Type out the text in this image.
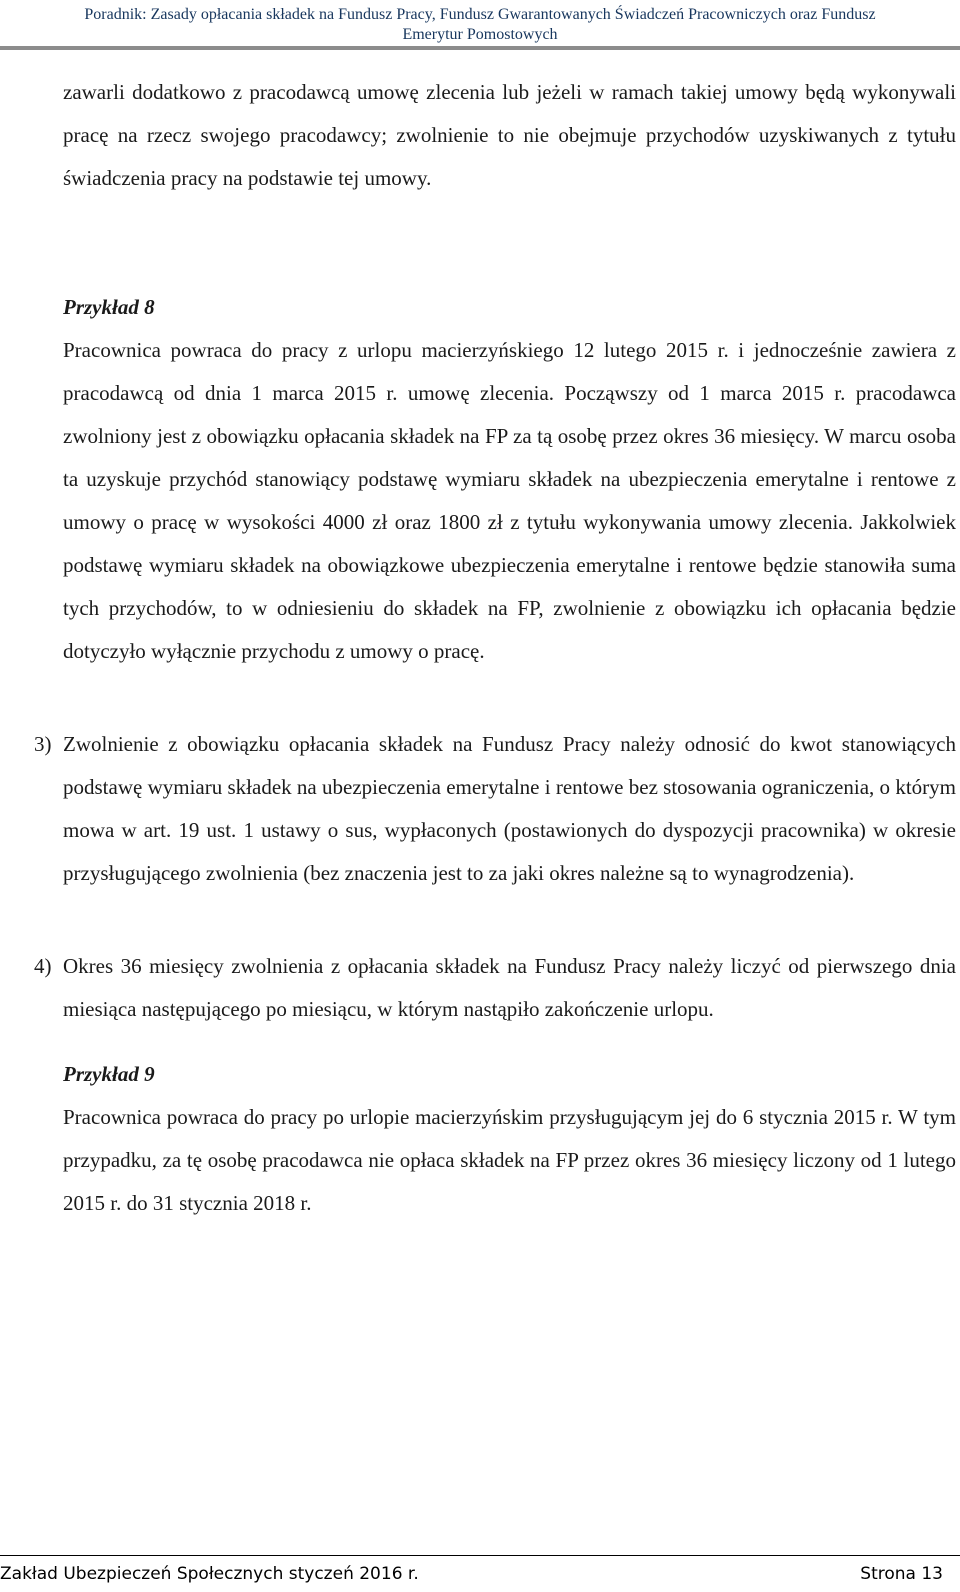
Poradnik: Zasady opłacania składek na Fundusz Pracy, Fundusz Gwarantowanych Świadczeń Pracowniczych oraz Fundusz
Emerytur Pomostowych

zawarli dodatkowo z pracodawcą umowę zlecenia lub jeżeli w ramach takiej umowy będą wykonywali pracę na rzecz swojego pracodawcy; zwolnienie to nie obejmuje przychodów uzyskiwanych z tytułu świadczenia pracy na podstawie tej umowy.

Przykład 8

Pracownica powraca do pracy z urlopu macierzyńskiego 12 lutego 2015 r. i jednocześnie zawiera z pracodawcą od dnia 1 marca 2015 r. umowę zlecenia. Począwszy od 1 marca 2015 r. pracodawca zwolniony jest z obowiązku opłacania składek na FP za tą osobę przez okres 36 miesięcy. W marcu osoba ta uzyskuje przychód stanowiący podstawę wymiaru składek na ubezpieczenia emerytalne i rentowe z umowy o pracę w wysokości 4000 zł oraz 1800 zł z tytułu wykonywania umowy zlecenia. Jakkolwiek podstawę wymiaru składek na obowiązkowe ubezpieczenia emerytalne i rentowe będzie stanowiła suma tych przychodów, to w odniesieniu do składek na FP, zwolnienie z obowiązku ich opłacania będzie dotyczyło wyłącznie przychodu z umowy o pracę.

3) Zwolnienie z obowiązku opłacania składek na Fundusz Pracy należy odnosić do kwot stanowiących podstawę wymiaru składek na ubezpieczenia emerytalne i rentowe bez stosowania ograniczenia, o którym mowa w art. 19 ust. 1 ustawy o sus, wypłaconych (postawionych do dyspozycji pracownika) w okresie przysługującego zwolnienia (bez znaczenia jest to za jaki okres należne są to wynagrodzenia).

4) Okres 36 miesięcy zwolnienia z opłacania składek na Fundusz Pracy należy liczyć od pierwszego dnia miesiąca następującego po miesiącu, w którym nastąpiło zakończenie urlopu.

Przykład 9

Pracownica powraca do pracy po urlopie macierzyńskim przysługującym jej do 6 stycznia 2015 r. W tym przypadku, za tę osobę pracodawca nie opłaca składek na FP przez okres 36 miesięcy liczony od 1 lutego 2015 r. do 31 stycznia 2018 r.

Zakład Ubezpieczeń Społecznych styczeń 2016 r.	Strona 13
